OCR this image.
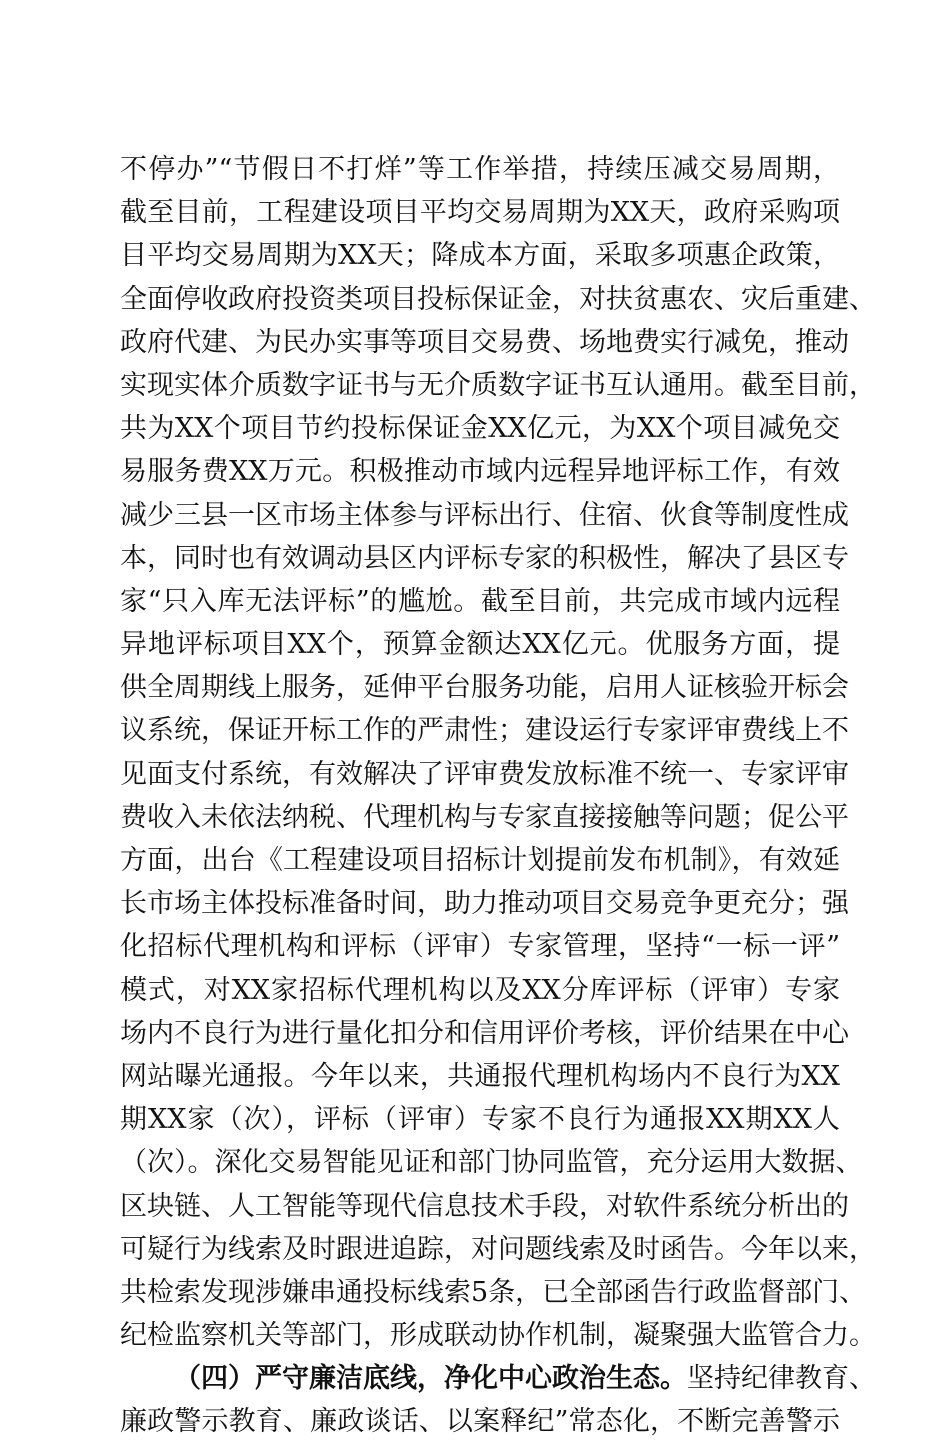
不停办”“节假日不打烊”等工作举措，持续压减交易周期，
截至目前，工程建设项目平均交易周期为XX天，政府采购项
目平均交易周期为XX天；降成本方面，采取多项惠企政策，
全面停收政府投资类项目投标保证金，对扶贫惠农、灾后重建、
政府代建、为民办实事等项目交易费、场地费实行减免，推动
实现实体介质数字证书与无介质数字证书互认通用。截至目前，
共为XX个项目节约投标保证金XX亿元，为XX个项目减免交
易服务费XX万元。积极推动市域内远程异地评标工作，有效
减少三县一区市场主体参与评标出行、住宿、伙食等制度性成
本，同时也有效调动县区内评标专家的积极性，解决了县区专
家“只入库无法评标”的尴尬。截至目前，共完成市域内远程
异地评标项目XX个，预算金额达XX亿元。优服务方面，提
供全周期线上服务，延伸平台服务功能，启用人证核验开标会
议系统，保证开标工作的严肃性；建设运行专家评审费线上不
见面支付系统，有效解决了评审费发放标准不统一、专家评审
费收入未依法纳税、代理机构与专家直接接触等问题；促公平
方面，出台《工程建设项目招标计划提前发布机制》，有效延
长市场主体投标准备时间，助力推动项目交易竞争更充分；强
化招标代理机构和评标（评审）专家管理，坚持“一标一评”
模式，对XX家招标代理机构以及XX分库评标（评审）专家
场内不良行为进行量化扣分和信用评价考核，评价结果在中心
网站曝光通报。今年以来，共通报代理机构场内不良行为XX
期XX家（次），评标（评审）专家不良行为通报XX期XX人
（次）。深化交易智能见证和部门协同监管，充分运用大数据、
区块链、人工智能等现代信息技术手段，对软件系统分析出的
可疑行为线索及时跟进追踪，对问题线索及时函告。今年以来，
共检索发现涉嫌串通投标线索5条，已全部函告行政监督部门、
纪检监察机关等部门，形成联动协作机制，凝聚强大监管合力。
（四）严守廉洁底线，净化中心政治生态。坚持纪律教育、
廉政警示教育、廉政谈话、以案释纪”常态化，不断完善警示
